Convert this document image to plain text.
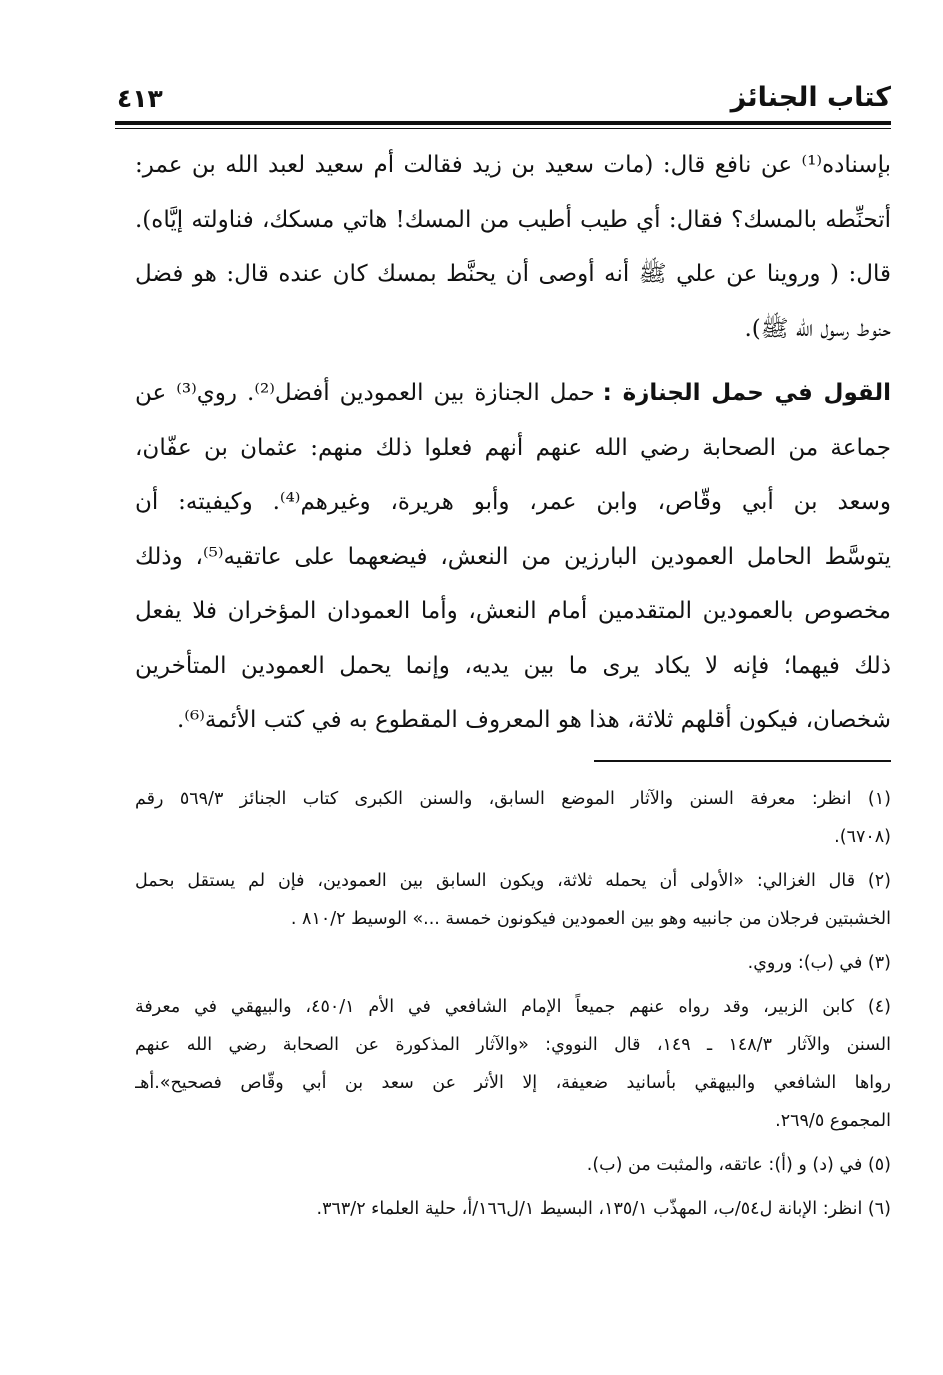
كتاب الجنائز
٤١٣
بإسناده⁽¹⁾ عن نافع قال: (مات سعيد بن زيد فقالت أم سعيد لعبد الله بن عمر:
أتحنِّطه بالمسك؟ فقال: أي طيب أطيب من المسك! هاتي مسكك، فناولته إيَّاه).
قال: ( وروينا عن علي ﷺ أنه أوصى أن يحنَّط بمسك كان عنده قال: هو فضل
حنوط رسول الله ﷺ).
القول في حمل الجنازة :حمل الجنازة بين العمودين أفضل⁽²⁾. روي⁽³⁾ عن
جماعة من الصحابة رضي الله عنهم أنهم فعلوا ذلك منهم: عثمان بن عفّان،
وسعد بن أبي وقّاص، وابن عمر، وأبو هريرة، وغيرهم⁽⁴⁾. وكيفيته: أن
يتوسَّط الحامل العمودين البارزين من النعش، فيضعهما على عاتقيه⁽⁵⁾، وذلك
مخصوص بالعمودين المتقدمين أمام النعش، وأما العمودان المؤخران فلا يفعل
ذلك فيهما؛ فإنه لا يكاد يرى ما بين يديه، وإنما يحمل العمودين المتأخرين
شخصان، فيكون أقلهم ثلاثة، هذا هو المعروف المقطوع به في كتب الأئمة⁽⁶⁾.
(١) انظر: معرفة السنن والآثار الموضع السابق، والسنن الكبرى كتاب الجنائز ٥٦٩/٣ رقم
(٦٧٠٨).
(٢) قال الغزالي: «الأولى أن يحمله ثلاثة، ويكون السابق بين العمودين، فإن لم يستقل بحمل
الخشبتين فرجلان من جانبيه وهو بين العمودين فيكونون خمسة ...» الوسيط ٨١٠/٢ .
(٣) في (ب): وروي.
(٤) كابن الزبير، وقد رواه عنهم جميعاً الإمام الشافعي في الأم ٤٥٠/١، والبيهقي في معرفة
السنن والآثار ١٤٨/٣ ـ ١٤٩، قال النووي: «والآثار المذكورة عن الصحابة رضي الله عنهم
رواها الشافعي والبيهقي بأسانيد ضعيفة، إلا الأثر عن سعد بن أبي وقّاص فصحيح».أهـ
المجموع ٢٦٩/٥.
(٥) في (د) و (أ): عاتقه، والمثبت من (ب).
(٦) انظر: الإبانة ل٥٤/ب، المهذّب ١٣٥/١، البسيط ١/ل١٦٦/أ، حلية العلماء ٣٦٣/٢.
